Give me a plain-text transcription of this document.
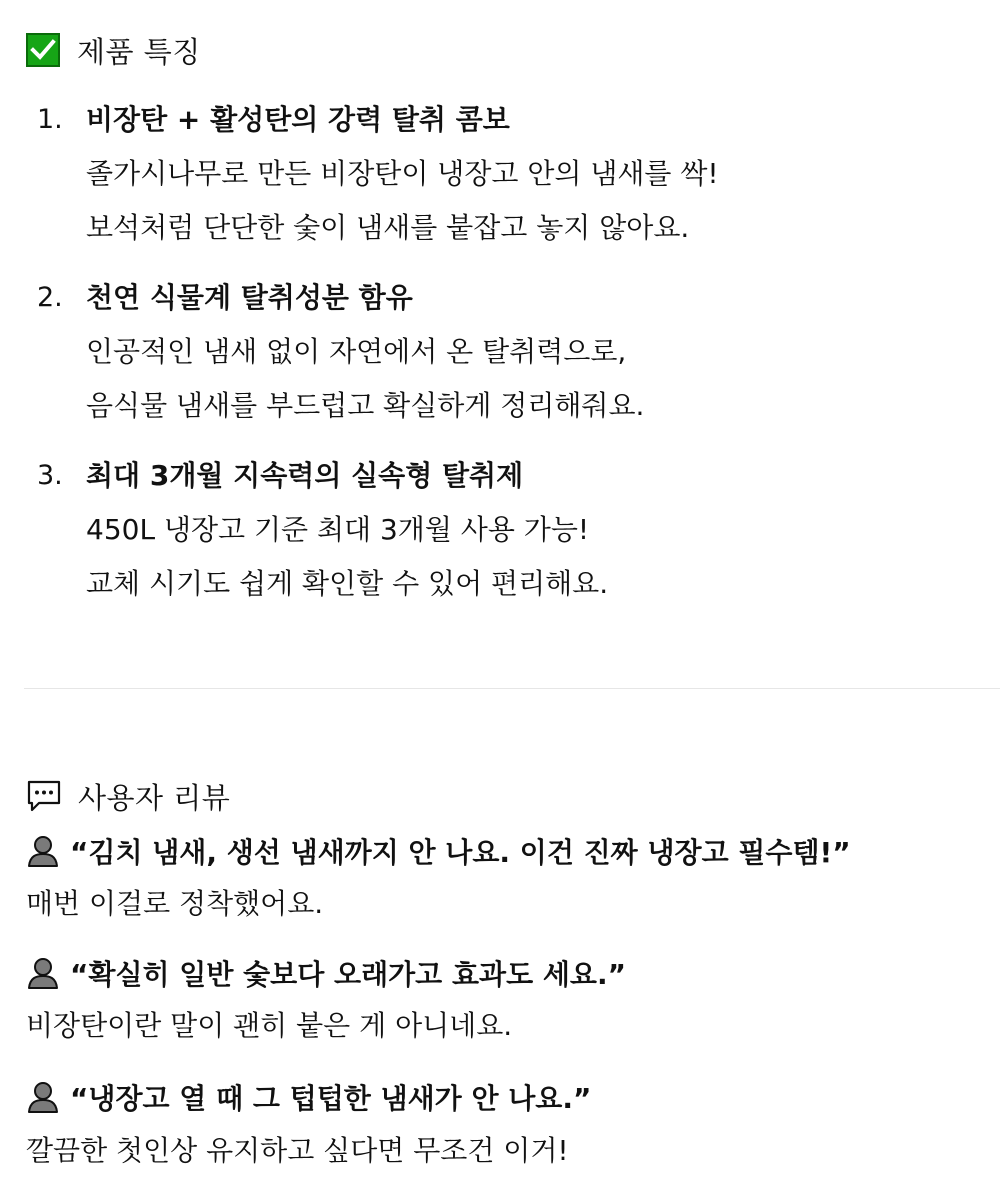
제품 특징
1. 비장탄 + 활성탄의 강력 탈취 콤보
졸가시나무로 만든 비장탄이 냉장고 안의 냄새를 싹!
보석처럼 단단한 숯이 냄새를 붙잡고 놓지 않아요.
2. 천연 식물계 탈취성분 함유
인공적인 냄새 없이 자연에서 온 탈취력으로,
음식물 냄새를 부드럽고 확실하게 정리해줘요.
3. 최대 3개월 지속력의 실속형 탈취제
450L 냉장고 기준 최대 3개월 사용 가능!
교체 시기도 쉽게 확인할 수 있어 편리해요.
사용자 리뷰
“김치 냄새, 생선 냄새까지 안 나요. 이건 진짜 냉장고 필수템!”
매번 이걸로 정착했어요.
“확실히 일반 숯보다 오래가고 효과도 세요.”
비장탄이란 말이 괜히 붙은 게 아니네요.
“냉장고 열 때 그 텁텁한 냄새가 안 나요.”
깔끔한 첫인상 유지하고 싶다면 무조건 이거!
